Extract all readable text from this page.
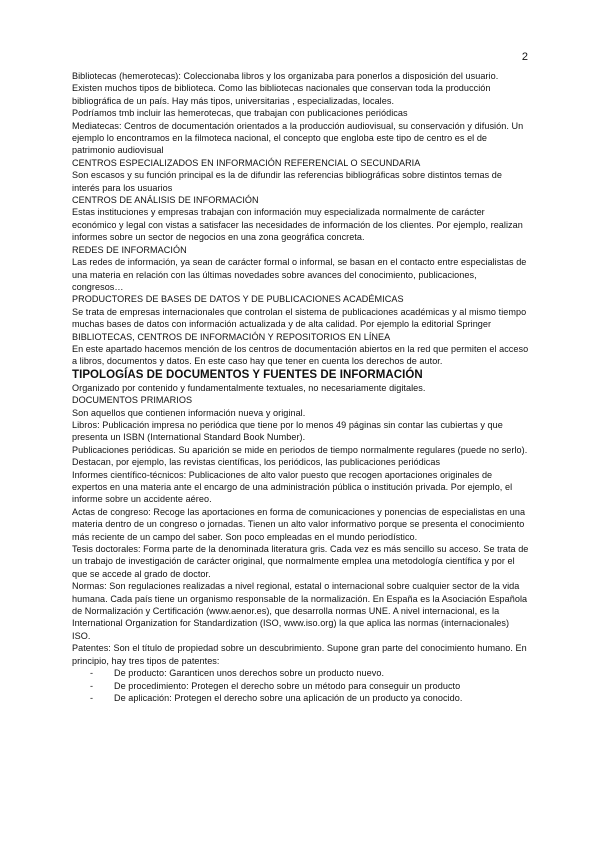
2

Bibliotecas (hemerotecas): Coleccionaba libros y los organizaba para ponerlos a disposición del usuario. Existen muchos tipos de biblioteca. Como las bibliotecas nacionales que conservan toda la producción bibliográfica de un país. Hay más tipos, universitarias , especializadas, locales.

Podríamos tmb incluir las hemerotecas, que trabajan con publicaciones periódicas

Mediatecas: Centros de documentación orientados a la producción audiovisual, su conservación y difusión. Un ejemplo lo encontramos en la filmoteca nacional, el concepto que engloba este tipo de centro es el de patrimonio audiovisual

CENTROS ESPECIALIZADOS EN INFORMACIÓN REFERENCIAL O SECUNDARIA

Son escasos y su función principal es la de difundir las referencias bibliográficas sobre distintos temas de interés para los usuarios

CENTROS DE ANÁLISIS DE INFORMACIÓN

Estas instituciones y empresas trabajan con información muy especializada normalmente de carácter económico y legal con vistas a satisfacer las necesidades de información de los clientes. Por ejemplo, realizan informes sobre un sector de negocios en una zona geográfica concreta.

REDES DE INFORMACIÓN

Las redes de información, ya sean de carácter formal o informal, se basan en el contacto entre especialistas de una materia en relación con las últimas novedades sobre avances del conocimiento, publicaciones, congresos…

PRODUCTORES DE BASES DE DATOS Y DE PUBLICACIONES ACADÉMICAS

Se trata de empresas internacionales que controlan el sistema de publicaciones académicas y al mismo tiempo muchas bases de datos con información actualizada y de alta calidad. Por ejemplo la editorial Springer

BIBLIOTECAS, CENTROS DE INFORMACIÓN Y REPOSITORIOS EN LÍNEA

En este apartado hacemos mención de los centros de documentación abiertos en la red que permiten el acceso a libros, documentos y datos. En este caso hay que tener en cuenta los derechos de autor.

TIPOLOGÍAS DE DOCUMENTOS Y FUENTES DE INFORMACIÓN

Organizado por contenido y fundamentalmente textuales, no necesariamente digitales.

DOCUMENTOS PRIMARIOS

Son aquellos que contienen información nueva y original.

Libros: Publicación impresa no periódica que tiene por lo menos 49 páginas sin contar las cubiertas y que presenta un ISBN (International Standard Book Number).

Publicaciones periódicas. Su aparición se mide en periodos de tiempo normalmente regulares (puede no serlo). Destacan, por ejemplo, las revistas científicas, los periódicos, las publicaciones periódicas

Informes científico-técnicos: Publicaciones de alto valor puesto que recogen aportaciones originales de expertos en una materia ante el encargo de una administración pública o institución privada. Por ejemplo, el informe sobre un accidente aéreo.

Actas de congreso: Recoge las aportaciones en forma de comunicaciones y ponencias de especialistas en una materia dentro de un congreso o jornadas. Tienen un alto valor informativo porque se presenta el conocimiento más reciente de un campo del saber. Son poco empleadas en el mundo periodístico.

Tesis doctorales: Forma parte de la denominada literatura gris. Cada vez es más sencillo su acceso. Se trata de un trabajo de investigación de carácter original, que normalmente emplea una metodología científica y por el que se accede al grado de doctor.

Normas: Son regulaciones realizadas a nivel regional, estatal o internacional sobre cualquier sector de la vida humana. Cada país tiene un organismo responsable de la normalización. En España es la Asociación Española de Normalización y Certificación (www.aenor.es), que desarrolla normas UNE. A nivel internacional, es la International Organization for Standardization (ISO, www.iso.org) la que aplica las normas (internacionales) ISO.

Patentes: Son el título de propiedad sobre un descubrimiento. Supone gran parte del conocimiento humano. En principio, hay tres tipos de patentes:

- De producto: Garanticen unos derechos sobre un producto nuevo.
- De procedimiento: Protegen el derecho sobre un método para conseguir un producto
- De aplicación: Protegen el derecho sobre una aplicación de un producto ya conocido.
